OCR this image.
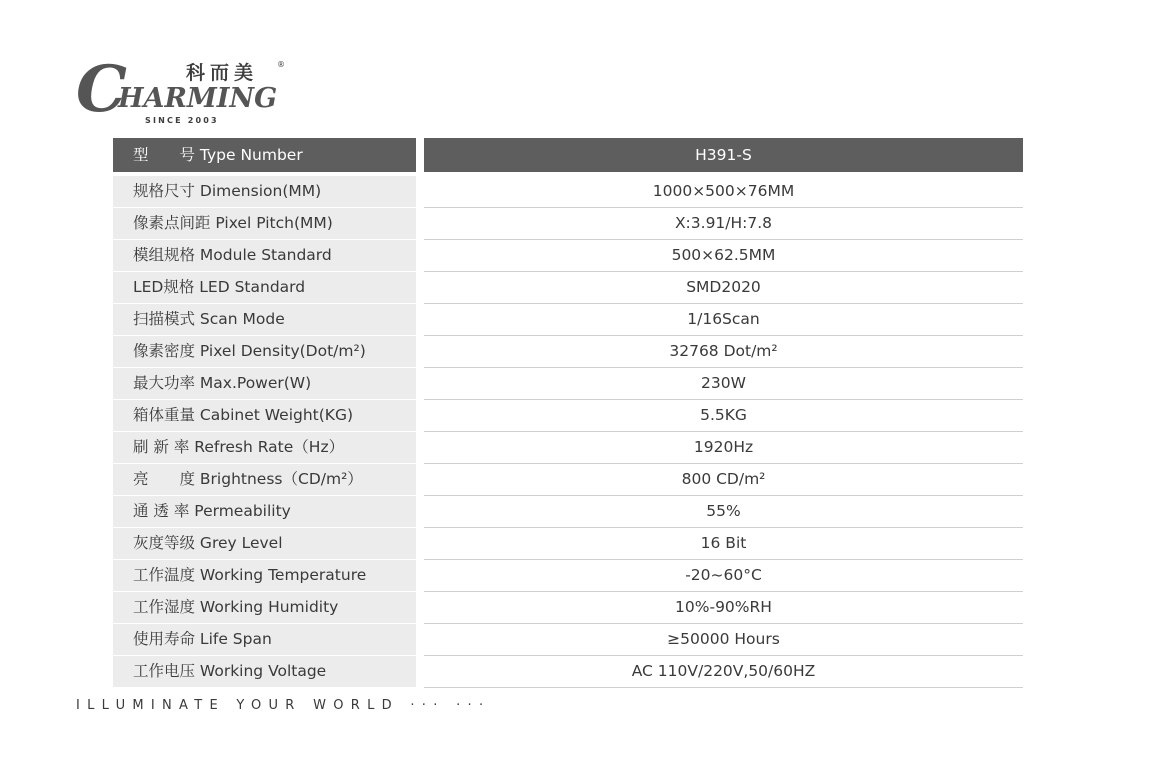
C
HARMING
科而美 ®
SINCE 2003
型　　号 Type Number	H391-S
规格尺寸 Dimension(MM)	1000×500×76MM
像素点间距 Pixel Pitch(MM)	X:3.91/H:7.8
模组规格 Module Standard	500×62.5MM
LED规格 LED Standard	SMD2020
扫描模式 Scan Mode	1/16Scan
像素密度 Pixel Density(Dot/m²)	32768 Dot/m²
最大功率 Max.Power(W)	230W
箱体重量 Cabinet Weight(KG)	5.5KG
刷 新 率 Refresh Rate（Hz）	1920Hz
亮　　度 Brightness（CD/m²）	800 CD/m²
通 透 率 Permeability	55%
灰度等级 Grey Level	16 Bit
工作温度 Working Temperature	-20~60°C
工作湿度 Working Humidity	10%-90%RH
使用寿命 Life Span	≥50000 Hours
工作电压 Working Voltage	AC 110V/220V,50/60HZ
ILLUMINATE YOUR WORLD ··· ···
